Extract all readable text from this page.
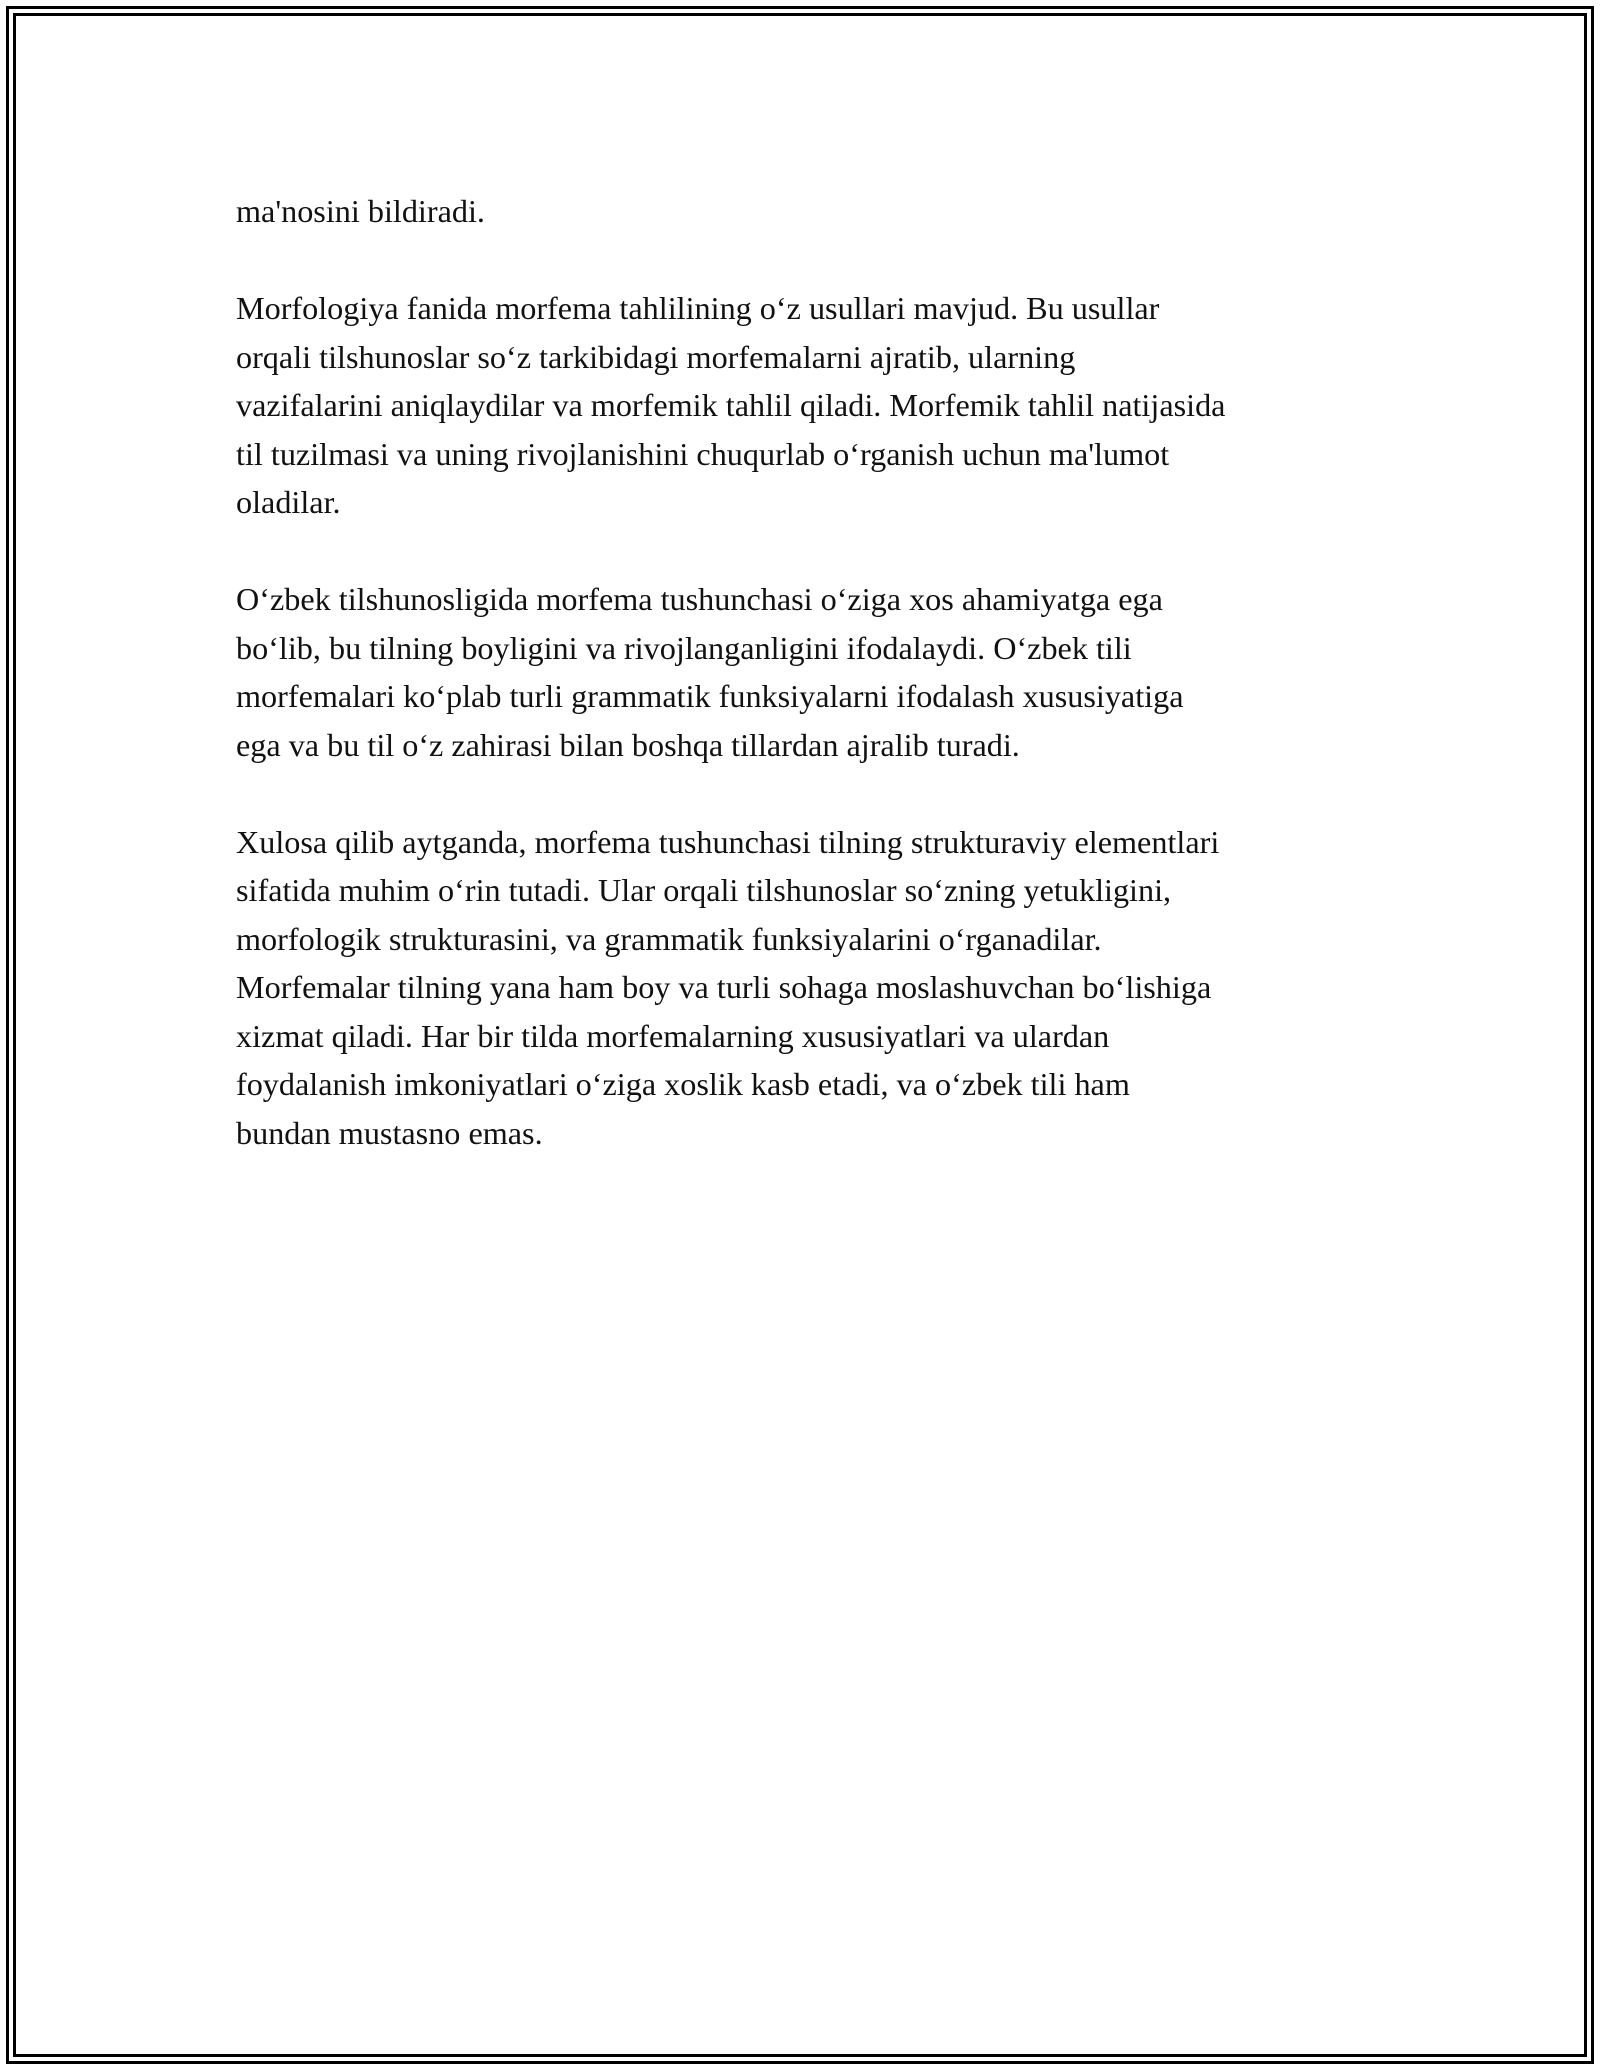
ma'nosini bildiradi.

Morfologiya fanida morfema tahlilining o‘z usullari mavjud. Bu usullar
orqali tilshunoslar so‘z tarkibidagi morfemalarni ajratib, ularning
vazifalarini aniqlaydilar va morfemik tahlil qiladi. Morfemik tahlil natijasida
til tuzilmasi va uning rivojlanishini chuqurlab o‘rganish uchun ma'lumot
oladilar.

O‘zbek tilshunosligida morfema tushunchasi o‘ziga xos ahamiyatga ega
bo‘lib, bu tilning boyligini va rivojlanganligini ifodalaydi. O‘zbek tili
morfemalari ko‘plab turli grammatik funksiyalarni ifodalash xususiyatiga
ega va bu til o‘z zahirasi bilan boshqa tillardan ajralib turadi.

Xulosa qilib aytganda, morfema tushunchasi tilning strukturaviy elementlari
sifatida muhim o‘rin tutadi. Ular orqali tilshunoslar so‘zning yetukligini,
morfologik strukturasini, va grammatik funksiyalarini o‘rganadilar.
Morfemalar tilning yana ham boy va turli sohaga moslashuvchan bo‘lishiga
xizmat qiladi. Har bir tilda morfemalarning xususiyatlari va ulardan
foydalanish imkoniyatlari o‘ziga xoslik kasb etadi, va o‘zbek tili ham
bundan mustasno emas.
